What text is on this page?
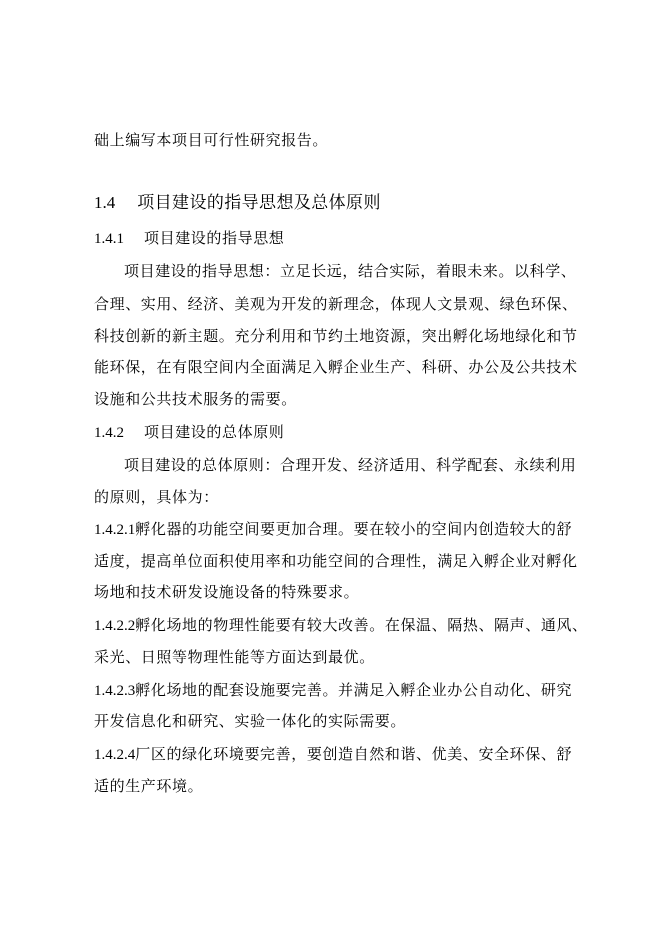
础上编写本项目可行性研究报告。
1.4 项目建设的指导思想及总体原则
1.4.1 项目建设的指导思想
项目建设的指导思想：立足长远，结合实际，着眼未来。以科学、
合理、实用、经济、美观为开发的新理念，体现人文景观、绿色环保、
科技创新的新主题。充分利用和节约土地资源，突出孵化场地绿化和节
能环保，在有限空间内全面满足入孵企业生产、科研、办公及公共技术
设施和公共技术服务的需要。
1.4.2 项目建设的总体原则
项目建设的总体原则：合理开发、经济适用、科学配套、永续利用
的原则，具体为：
1.4.2.1孵化器的功能空间要更加合理。要在较小的空间内创造较大的舒
适度，提高单位面积使用率和功能空间的合理性，满足入孵企业对孵化
场地和技术研发设施设备的特殊要求。
1.4.2.2孵化场地的物理性能要有较大改善。在保温、隔热、隔声、通风、
采光、日照等物理性能等方面达到最优。
1.4.2.3孵化场地的配套设施要完善。并满足入孵企业办公自动化、研究
开发信息化和研究、实验一体化的实际需要。
1.4.2.4厂区的绿化环境要完善，要创造自然和谐、优美、安全环保、舒
适的生产环境。
